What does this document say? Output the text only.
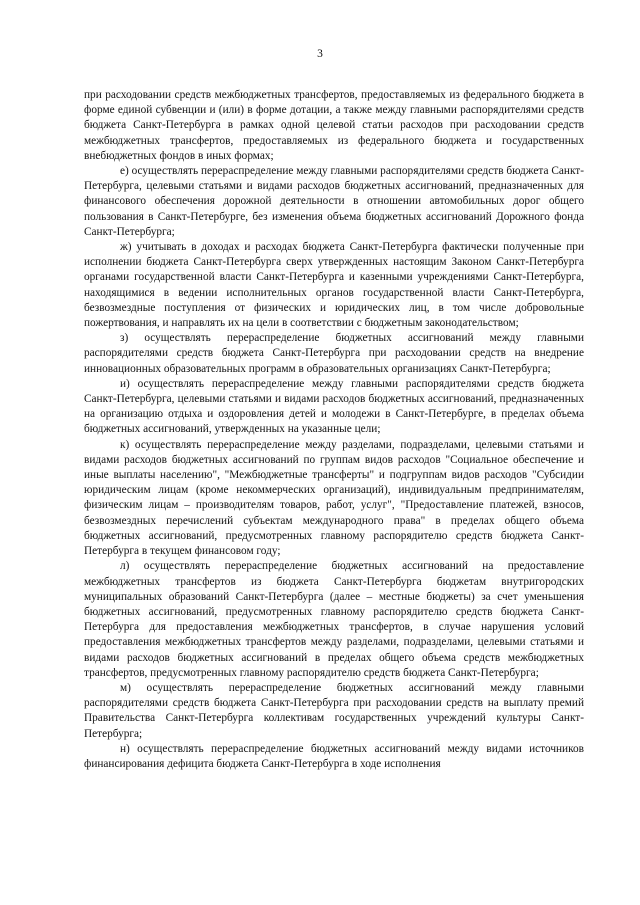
3

при расходовании средств межбюджетных трансфертов, предоставляемых из федерального бюджета в форме единой субвенции и (или) в форме дотации, а также между главными распорядителями средств бюджета Санкт-Петербурга в рамках одной целевой статьи расходов при расходовании средств межбюджетных трансфертов, предоставляемых из федерального бюджета и государственных внебюджетных фондов в иных формах;

е) осуществлять перераспределение между главными распорядителями средств бюджета Санкт-Петербурга, целевыми статьями и видами расходов бюджетных ассигнований, предназначенных для финансового обеспечения дорожной деятельности в отношении автомобильных дорог общего пользования в Санкт-Петербурге, без изменения объема бюджетных ассигнований Дорожного фонда Санкт-Петербурга;

ж) учитывать в доходах и расходах бюджета Санкт-Петербурга фактически полученные при исполнении бюджета Санкт-Петербурга сверх утвержденных настоящим Законом Санкт-Петербурга органами государственной власти Санкт-Петербурга и казенными учреждениями Санкт-Петербурга, находящимися в ведении исполнительных органов государственной власти Санкт-Петербурга, безвозмездные поступления от физических и юридических лиц, в том числе добровольные пожертвования, и направлять их на цели в соответствии с бюджетным законодательством;

з) осуществлять перераспределение бюджетных ассигнований между главными распорядителями средств бюджета Санкт-Петербурга при расходовании средств на внедрение инновационных образовательных программ в образовательных организациях Санкт-Петербурга;

и) осуществлять перераспределение между главными распорядителями средств бюджета Санкт-Петербурга, целевыми статьями и видами расходов бюджетных ассигнований, предназначенных на организацию отдыха и оздоровления детей и молодежи в Санкт-Петербурге, в пределах объема бюджетных ассигнований, утвержденных на указанные цели;

к) осуществлять перераспределение между разделами, подразделами, целевыми статьями и видами расходов бюджетных ассигнований по группам видов расходов "Социальное обеспечение и иные выплаты населению", "Межбюджетные трансферты" и подгруппам видов расходов "Субсидии юридическим лицам (кроме некоммерческих организаций), индивидуальным предпринимателям, физическим лицам – производителям товаров, работ, услуг", "Предоставление платежей, взносов, безвозмездных перечислений субъектам международного права" в пределах общего объема бюджетных ассигнований, предусмотренных главному распорядителю средств бюджета Санкт-Петербурга в текущем финансовом году;

л) осуществлять перераспределение бюджетных ассигнований на предоставление межбюджетных трансфертов из бюджета Санкт-Петербурга бюджетам внутригородских муниципальных образований Санкт-Петербурга (далее – местные бюджеты) за счет уменьшения бюджетных ассигнований, предусмотренных главному распорядителю средств бюджета Санкт-Петербурга для предоставления межбюджетных трансфертов, в случае нарушения условий предоставления межбюджетных трансфертов между разделами, подразделами, целевыми статьями и видами расходов бюджетных ассигнований в пределах общего объема средств межбюджетных трансфертов, предусмотренных главному распорядителю средств бюджета Санкт-Петербурга;

м) осуществлять перераспределение бюджетных ассигнований между главными распорядителями средств бюджета Санкт-Петербурга при расходовании средств на выплату премий Правительства Санкт-Петербурга коллективам государственных учреждений культуры Санкт-Петербурга;

н) осуществлять перераспределение бюджетных ассигнований между видами источников финансирования дефицита бюджета Санкт-Петербурга в ходе исполнения
